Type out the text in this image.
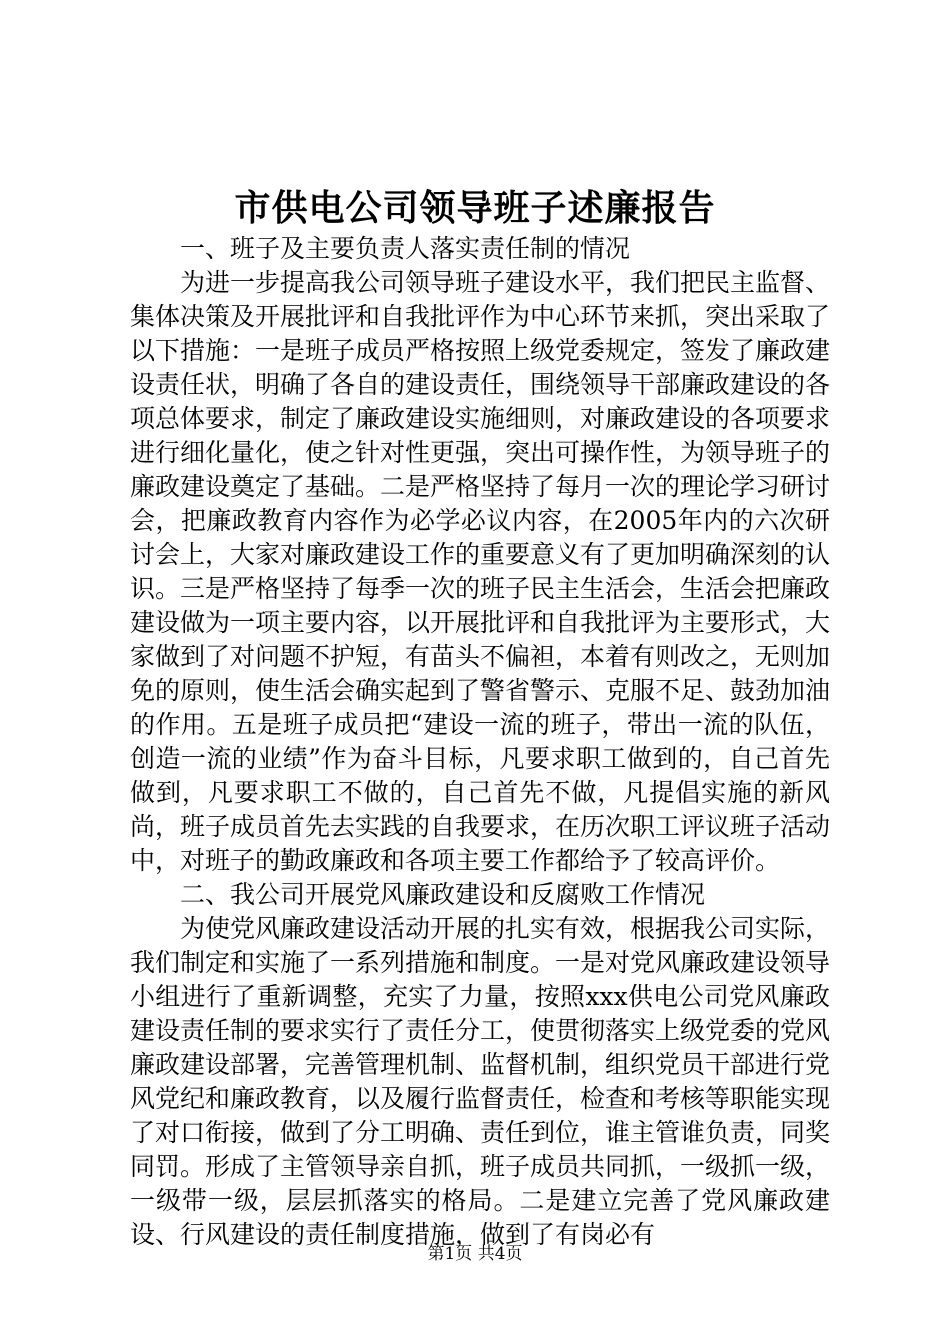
市供电公司领导班子述廉报告

一、班子及主要负责人落实责任制的情况

为进一步提高我公司领导班子建设水平，我们把民主监督、集体决策及开展批评和自我批评作为中心环节来抓，突出采取了以下措施：一是班子成员严格按照上级党委规定，签发了廉政建设责任状，明确了各自的建设责任，围绕领导干部廉政建设的各项总体要求，制定了廉政建设实施细则，对廉政建设的各项要求进行细化量化，使之针对性更强，突出可操作性，为领导班子的廉政建设奠定了基础。二是严格坚持了每月一次的理论学习研讨会，把廉政教育内容作为必学必议内容，在2005年内的六次研讨会上，大家对廉政建设工作的重要意义有了更加明确深刻的认识。三是严格坚持了每季一次的班子民主生活会，生活会把廉政建设做为一项主要内容，以开展批评和自我批评为主要形式，大家做到了对问题不护短，有苗头不偏袒，本着有则改之，无则加免的原则，使生活会确实起到了警省警示、克服不足、鼓劲加油的作用。五是班子成员把“建设一流的班子，带出一流的队伍，创造一流的业绩”作为奋斗目标，凡要求职工做到的，自己首先做到，凡要求职工不做的，自己首先不做，凡提倡实施的新风尚，班子成员首先去实践的自我要求，在历次职工评议班子活动中，对班子的勤政廉政和各项主要工作都给予了较高评价。

二、我公司开展党风廉政建设和反腐败工作情况

为使党风廉政建设活动开展的扎实有效，根据我公司实际，我们制定和实施了一系列措施和制度。一是对党风廉政建设领导小组进行了重新调整，充实了力量，按照xxx供电公司党风廉政建设责任制的要求实行了责任分工，使贯彻落实上级党委的党风廉政建设部署，完善管理机制、监督机制，组织党员干部进行党风党纪和廉政教育，以及履行监督责任，检查和考核等职能实现了对口衔接，做到了分工明确、责任到位，谁主管谁负责，同奖同罚。形成了主管领导亲自抓，班子成员共同抓，一级抓一级，一级带一级，层层抓落实的格局。二是建立完善了党风廉政建设、行风建设的责任制度措施，做到了有岗必有

第1页 共4页
